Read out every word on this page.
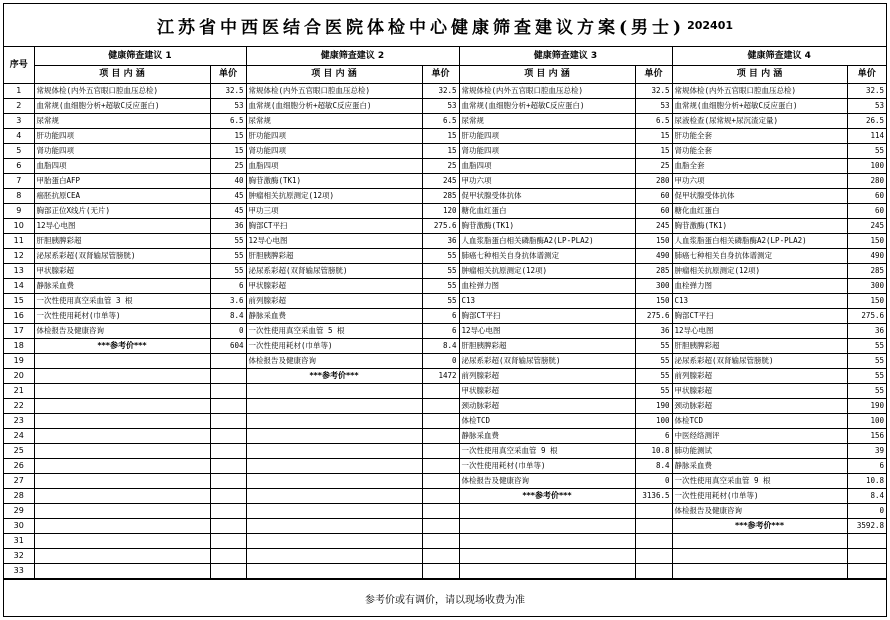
江苏省中西医结合医院体检中心健康筛查建议方案(男士) 202401
序号	健康筛查建议 1		健康筛查建议 2		健康筛查建议 3		健康筛查建议 4	
	项 目 内 涵	单价	项 目 内 涵	单价	项 目 内 涵	单价	项 目 内 涵	单价
1	常规体检(内外五官眼口腔血压总检)	32.5	常规体检(内外五官眼口腔血压总检)	32.5	常规体检(内外五官眼口腔血压总检)	32.5	常规体检(内外五官眼口腔血压总检)	32.5
2	血常规(血细胞分析+超敏C反应蛋白)	53	血常规(血细胞分析+超敏C反应蛋白)	53	血常规(血细胞分析+超敏C反应蛋白)	53	血常规(血细胞分析+超敏C反应蛋白)	53
3	尿常规	6.5	尿常规	6.5	尿常规	6.5	尿液检查(尿常规+尿沉渣定量)	26.5
4	肝功能四项	15	肝功能四项	15	肝功能四项	15	肝功能全套	114
5	肾功能四项	15	肾功能四项	15	肾功能四项	15	肾功能全套	55
6	血脂四项	25	血脂四项	25	血脂四项	25	血脂全套	100
7	甲胎蛋白AFP	40	胸苷激酶(TK1)	245	甲功六项	280	甲功六项	280
8	癌胚抗原CEA	45	肿瘤相关抗原测定(12项)	285	促甲状腺受体抗体	60	促甲状腺受体抗体	60
9	胸部正位X线片(无片)	45	甲功三项	120	糖化血红蛋白	60	糖化血红蛋白	60
10	12导心电图	36	胸部CT平扫	275.6	胸苷激酶(TK1)	245	胸苷激酶(TK1)	245
11	肝胆胰脾彩超	55	12导心电图	36	人血浆脂蛋白相关磷脂酶A2(LP-PLA2)	150	人血浆脂蛋白相关磷脂酶A2(LP-PLA2)	150
12	泌尿系彩超(双肾输尿管膀胱)	55	肝胆胰脾彩超	55	肺癌七种相关自身抗体谱测定	490	肺癌七种相关自身抗体谱测定	490
13	甲状腺彩超	55	泌尿系彩超(双肾输尿管膀胱)	55	肿瘤相关抗原测定(12项)	285	肿瘤相关抗原测定(12项)	285
14	静脉采血费	6	甲状腺彩超	55	血栓弹力图	300	血栓弹力图	300
15	一次性使用真空采血管 3 根	3.6	前列腺彩超	55	C13	150	C13	150
16	一次性使用耗材(巾单等)	8.4	静脉采血费	6	胸部CT平扫	275.6	胸部CT平扫	275.6
17	体检报告及健康咨询	0	一次性使用真空采血管 5 根	6	12导心电图	36	12导心电图	36
18	***参考价***	604	一次性使用耗材(巾单等)	8.4	肝胆胰脾彩超	55	肝胆胰脾彩超	55
19			体检报告及健康咨询	0	泌尿系彩超(双肾输尿管膀胱)	55	泌尿系彩超(双肾输尿管膀胱)	55
20			***参考价***	1472	前列腺彩超	55	前列腺彩超	55
21					甲状腺彩超	55	甲状腺彩超	55
22					颈动脉彩超	190	颈动脉彩超	190
23					体检TCD	100	体检TCD	100
24					静脉采血费	6	中医经络测评	156
25					一次性使用真空采血管 9 根	10.8	肺功能测试	39
26					一次性使用耗材(巾单等)	8.4	静脉采血费	6
27					体检报告及健康咨询	0	一次性使用真空采血管 9 根	10.8
28					***参考价***	3136.5	一次性使用耗材(巾单等)	8.4
29							体检报告及健康咨询	0
30							***参考价***	3592.8
31								
32								
33								
参考价或有调价，请以现场收费为准
